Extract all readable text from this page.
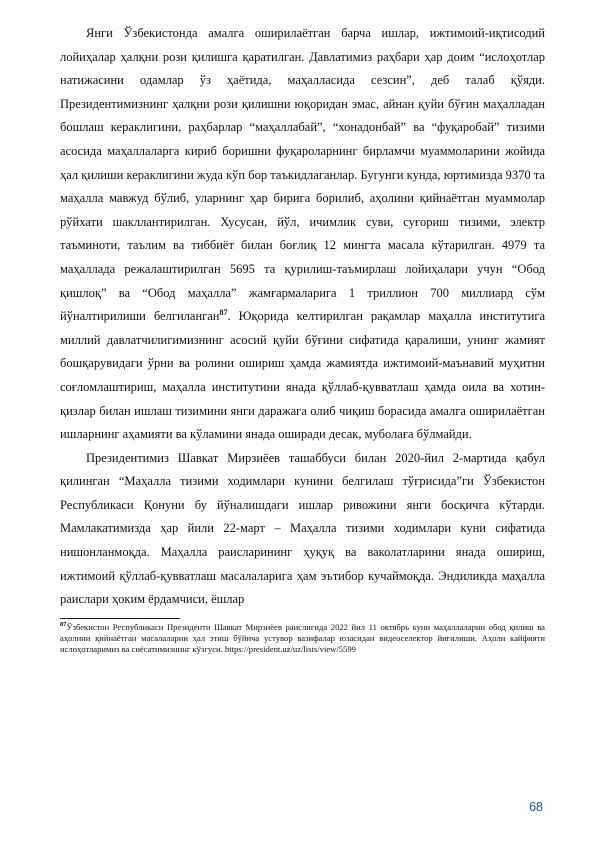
Янги Ўзбекистонда амалга оширилаётган барча ишлар, ижтимоий-иқтисодий лойиҳалар ҳалқни рози қилишга қаратилган. Давлатимиз раҳбари ҳар доим “ислоҳотлар натижасини одамлар ўз ҳаётида, маҳалласида сезсин”, деб талаб қўяди. Президентимизнинг ҳалқни рози қилишни юқоридан эмас, айнан қуйи бўғин маҳалладан бошлаш кераклигини, раҳбарлар “маҳаллабай”, “хонадонбай” ва “фуқаробай” тизими асосида маҳаллаларга кириб боришни фуқароларнинг бирламчи муаммоларини жойида ҳал қилиши кераклигини жуда кўп бор таъкидлаганлар. Бугунги кунда, юртимизда 9370 та маҳалла мавжуд бўлиб, уларнинг ҳар бирига борилиб, аҳолини қийнаётган муаммолар рўйхати шакллантирилган. Хусусан, йўл, ичимлик суви, суғориш тизими, электр таъминоти, таълим ва тиббиёт билан боғлиқ 12 мингта масала кўтарилган. 4979 та маҳаллада режалаштирилган 5695 та қурилиш-таъмирлаш лойиҳалари учун “Обод қишлоқ” ва “Обод маҳалла” жамғармаларига 1 триллион 700 миллиард сўм йўналтирилиши белгиланган$^{87}$. Юқорида келтирилган рақамлар маҳалла институтига миллий давлатчилигимизнинг асосий қуйи бўғини сифатида қаралиши, унинг жамият бошқарувидаги ўрни ва ролини ошириш ҳамда жамиятда ижтимоий-маънавий муҳитни соғломлаштириш, маҳалла институтини янада қўллаб-қувватлаш ҳамда оила ва хотин-қизлар билан ишлаш тизимини янги даражага олиб чиқиш борасида амалга оширилаётган ишларнинг аҳамияти ва кўламини янада оширади десак, муболаға бўлмайди.

Президентимиз Шавкат Мирзиёев ташаббуси билан 2020-йил 2-мартида қабул қилинган “Маҳалла тизими ходимлари кунини белгилаш тўғрисида”ги Ўзбекистон Республикаси Қонуни бу йўналишдаги ишлар ривожини янги босқичга кўтарди. Мамлакатимизда ҳар йили 22-март – Маҳалла тизими ходимлари куни сифатида нишонланмоқда. Маҳалла раисларининг ҳуқуқ ва ваколатларини янада ошириш, ижтимоий қўллаб-қувватлаш масалаларига ҳам эътибор кучаймоқда. Эндиликда маҳалла раислари ҳоким ёрдамчиси, ёшлар

$^{87}$Ўзбекистон Республикаси Президенти Шавкат Мирзиёев раислигида 2022 йил 11 октябрь куни маҳаллаларни обод қилиш ва аҳолини қийнаётган масалаларни ҳал этиш бўйича устувор вазифалар юзасидан видеоселектор йиғилиши. Аҳоли кайфияти ислоҳотларимиз ва сиёсатимизнинг кўзгуси. https://president.uz/uz/lists/view/5599

68
